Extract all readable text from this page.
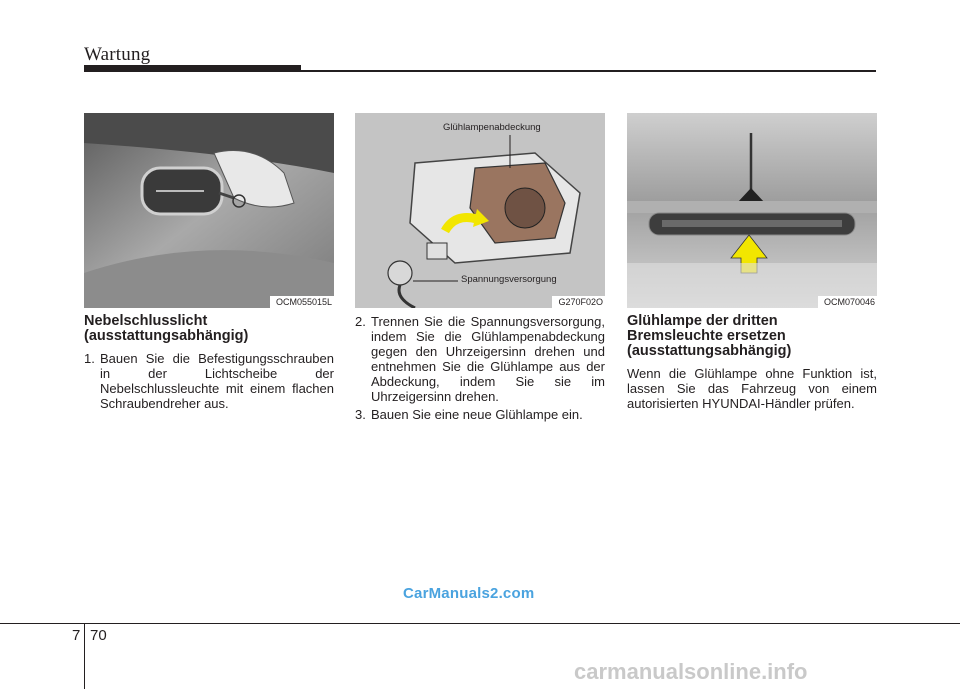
Wartung
OCM055015L
Glühlampenabdeckung
Spannungsversorgung
G270F02O	OCM070046
Nebelschlusslicht (ausstattungsabhängig)
1. Bauen Sie die Befestigungsschrauben in der Lichtscheibe der Nebelschlussleuchte mit einem flachen Schraubendreher aus.
2. Trennen Sie die Spannungsversorgung, indem Sie die Glühlampenabdeckung gegen den Uhrzeigersinn drehen und entnehmen Sie die Glühlampe aus der Abdeckung, indem Sie sie im Uhrzeigersinn drehen.
3. Bauen Sie eine neue Glühlampe ein.
Glühlampe der dritten Bremsleuchte ersetzen (ausstattungsabhängig)
Wenn die Glühlampe ohne Funktion ist, lassen Sie das Fahrzeug von einem autorisierten HYUNDAI-Händler prüfen.
CarManuals2.com
7 70
carmanualsonline.info
